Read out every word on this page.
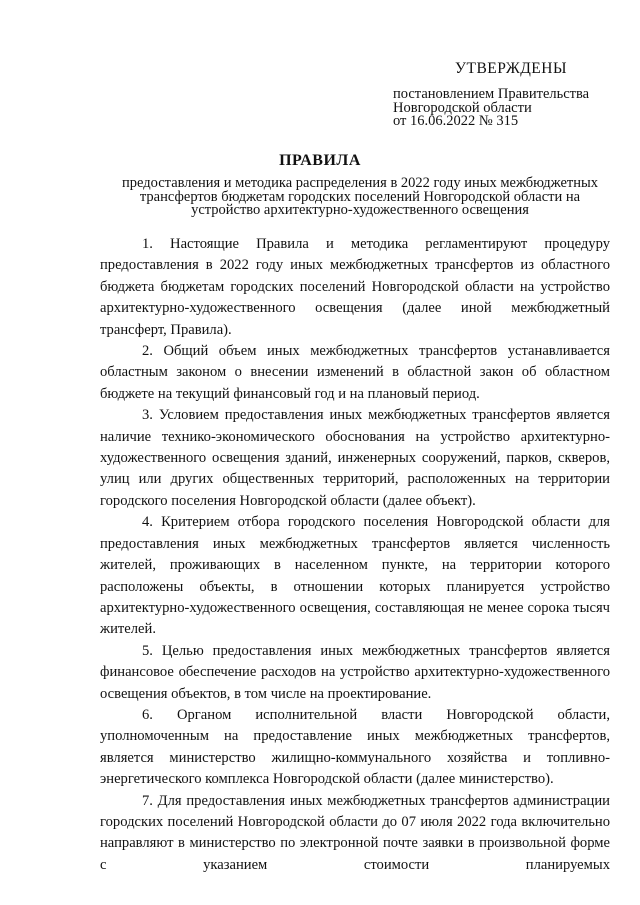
УТВЕРЖДЕНЫ
постановлением Правительства
Новгородской области
от 16.06.2022 № 315
ПРАВИЛА
предоставления и методика распределения в 2022 году иных межбюджетных
трансфертов бюджетам городских поселений Новгородской области на
устройство архитектурно-художественного освещения

1. Настоящие Правила и методика регламентируют процедуру предоставления в 2022 году иных межбюджетных трансфертов из областного бюджета бюджетам городских поселений Новгородской области на устройство архитектурно-художественного освещения (далее иной межбюджетный трансферт, Правила).

2. Общий объем иных межбюджетных трансфертов устанавливается областным законом о внесении изменений в областной закон об областном бюджете на текущий финансовый год и на плановый период.

3. Условием предоставления иных межбюджетных трансфертов является наличие технико-экономического обоснования на устройство архитектурно-художественного освещения зданий, инженерных сооружений, парков, скверов, улиц или других общественных территорий, расположенных на территории городского поселения Новгородской области (далее объект).

4. Критерием отбора городского поселения Новгородской области для предоставления иных межбюджетных трансфертов является численность жителей, проживающих в населенном пункте, на территории которого расположены объекты, в отношении которых планируется устройство архитектурно-художественного освещения, составляющая не менее сорока тысяч жителей.

5. Целью предоставления иных межбюджетных трансфертов является финансовое обеспечение расходов на устройство архитектурно-художественного освещения объектов, в том числе на проектирование.

6. Органом исполнительной власти Новгородской области, уполномоченным на предоставление иных межбюджетных трансфертов, является министерство жилищно-коммунального хозяйства и топливно-энергетического комплекса Новгородской области (далее министерство).

7. Для предоставления иных межбюджетных трансфертов администрации городских поселений Новгородской области до 07 июля 2022 года включительно направляют в министерство по электронной почте заявки в произвольной форме с указанием стоимости планируемых
